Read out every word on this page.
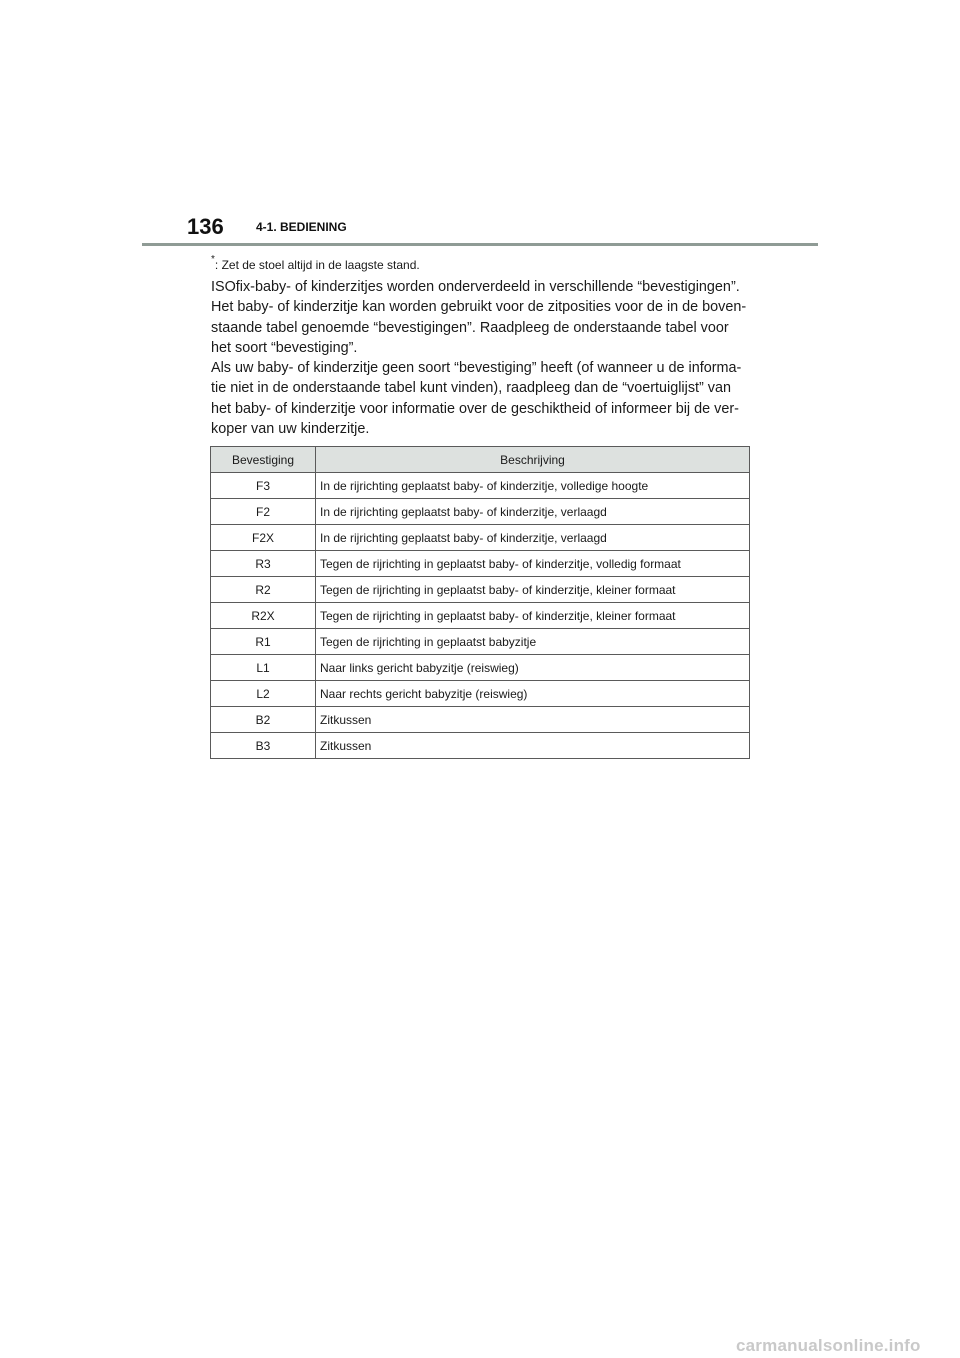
136	4-1. BEDIENING
*: Zet de stoel altijd in de laagste stand.

ISOfix-baby- of kinderzitjes worden onderverdeeld in verschillende “bevestigingen”.

Het baby- of kinderzitje kan worden gebruikt voor de zitposities voor de in de boven-

staande tabel genoemde “bevestigingen”. Raadpleeg de onderstaande tabel voor

het soort “bevestiging”.

Als uw baby- of kinderzitje geen soort “bevestiging” heeft (of wanneer u de informa-

tie niet in de onderstaande tabel kunt vinden), raadpleeg dan de “voertuiglijst” van

het baby- of kinderzitje voor informatie over de geschiktheid of informeer bij de ver-

koper van uw kinderzitje.

Bevestiging	Beschrijving
F3	In de rijrichting geplaatst baby- of kinderzitje, volledige hoogte
F2	In de rijrichting geplaatst baby- of kinderzitje, verlaagd
F2X	In de rijrichting geplaatst baby- of kinderzitje, verlaagd
R3	Tegen de rijrichting in geplaatst baby- of kinderzitje, volledig formaat
R2	Tegen de rijrichting in geplaatst baby- of kinderzitje, kleiner formaat
R2X	Tegen de rijrichting in geplaatst baby- of kinderzitje, kleiner formaat
R1	Tegen de rijrichting in geplaatst babyzitje
L1	Naar links gericht babyzitje (reiswieg)
L2	Naar rechts gericht babyzitje (reiswieg)
B2	Zitkussen
B3	Zitkussen
carmanualsonline.info
